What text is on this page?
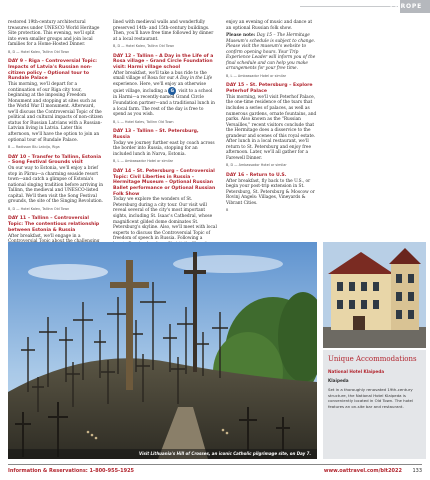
EUROPE

restored 19th-century architectural treasures under UNESCO World Heritage Site protection. This evening, we'll split into even smaller groups and join local families for a Home-Hosted Dinner.

B, D — Hotel Kalev, Tallinn Old Town
DAY 9 – Riga – Controversial Topic: Impacts of Latvia's Russian non-citizen policy – Optional tour to Rundale Palace

This morning, we'll depart for a continuation of our Riga city tour, beginning at the imposing Freedom Monument and stopping at sites such as the World War II monument. Afterward, we'll discuss the Controversial Topic of the political and cultural impacts of non-citizen status for Russian Latvians with a Russian-Latvian living in Latvia. Later this afternoon, we'll have the option to join an optional tour of Rundale Palace.

B — Radisson Blu Latvija, Riga
DAY 10 – Transfer to Tallinn, Estonia – Song Festival Grounds visit

On our way to Estonia, we'll enjoy a brief stop in Pärnu—a charming seaside resort town—and catch a glimpse of Estonia's national singing tradition before arriving in Tallinn, the medieval and UNESCO-listed capital. We'll then visit the Song Festival grounds, the site of the Singing Revolution.

B, D — Hotel Kalev, Tallinn Old Town
DAY 11 – Tallinn – Controversial Topic: The contentious relationship between Estonia & Russia

After breakfast, we'll engage in a

lined with medieval walls and wonderfully preserved 14th- and 15th-century buildings. Then, you'll have free time followed by dinner at a local restaurant.

B, D — Hotel Kalev, Tallinn Old Town
DAY 12 – Tallinn – A Day in the Life of a Rosa village – Grand Circle Foundation visit: Harmi village school

After breakfast, we'll take a bus ride to the small village of Rosa for our A Day in the Life experience. Here, we'll enjoy an otherwise quiet village, including a G visit to a school in Harmi—a recently-named Grand Circle Foundation partner—and a traditional lunch in a local farm. The rest of the day is free to spend as you wish.

B, L — Hotel Kalev, Tallinn Old Town
DAY 13 – Tallinn – St. Petersburg, Russia

Today we journey further east by coach across the border into Russia, stopping for an included lunch in Narva, Estonia.

B, L — Ambassador Hotel or similar
DAY 14 – St. Petersburg – Controversial Topic: Civil Liberties in Russia – Hermitage Museum – Optional Russian Ballet performance or Optional Russian Folk Show

Today we explore the wonders of St. Petersburg during a city tour. Our visit will reveal several of the city's most important sights, including St. Isaac's Cathedral, whose magnificent gilded dome dominates St. Petersburg's skyline. Also, we'll meet with local experts to discuss the Controversial Topic of freedom of speech in Russia. Following a

enjoy an evening of music and dance at an optional Russian folk show.

Please note: Day 15 – The Hermitage Museum's schedule is subject to change. Please visit the museum's website to confirm opening hours. Your Trip Experience Leader will inform you of the final schedule and can help you make arrangements for your free time.

B, L — Ambassador Hotel or similar
DAY 15 – St. Petersburg – Explore Peterhof Palace

This morning, we'll visit Peterhof Palace, the one-time residence of the tsars that includes a series of palaces, as well as numerous gardens, ornate fountains, and parks. Also known as the "Russian Versailles," recent visitors conclude that the Hermitage does a disservice to the grandeur and scenes of this royal estate. After lunch in a local restaurant, we'll return to St. Petersburg and enjoy free afternoon. Later, we'll all gather for a Farewell Dinner.

B, D — Ambassador Hotel or similar
DAY 16 – Return to U.S.

After breakfast, fly back to the U.S., or begin your post-trip extension in St. Petersburg, St. Petersburg & Moscow or Rovinj Angels: Villages, Vineyards & Vibrant Cities.

B
Visit Lithuania's Hill of Crosses, an iconic Catholic pilgrimage site, on Day 7.
Unique Accommodations
National Hotel Klaipeda
Klaipeda
Set in a thoroughly renovated 19th-century structure, the National Hotel Klaipeda is conveniently located in Old Town. The hotel features an on-site bar and restaurant.
Information & Reservations: 1-800-955-1925	www.oattravel.com/blt2022 133
